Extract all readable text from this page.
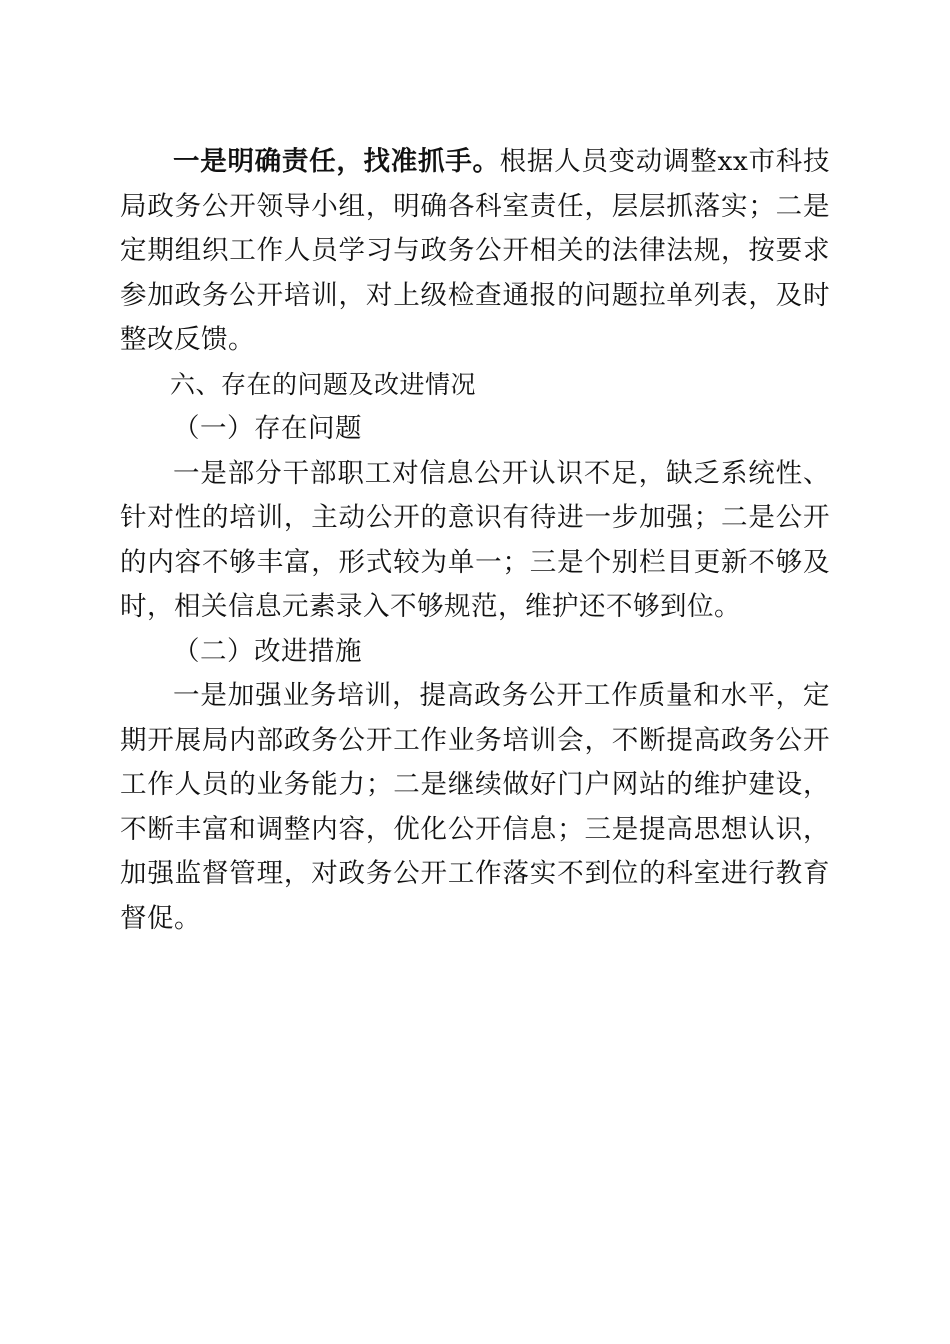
一是明确责任，找准抓手。根据人员变动调整xx市科技局政务公开领导小组，明确各科室责任，层层抓落实；二是定期组织工作人员学习与政务公开相关的法律法规，按要求参加政务公开培训，对上级检查通报的问题拉单列表，及时整改反馈。

六、存在的问题及改进情况

（一）存在问题

一是部分干部职工对信息公开认识不足，缺乏系统性、针对性的培训，主动公开的意识有待进一步加强；二是公开的内容不够丰富，形式较为单一；三是个别栏目更新不够及时，相关信息元素录入不够规范，维护还不够到位。

（二）改进措施

一是加强业务培训，提高政务公开工作质量和水平，定期开展局内部政务公开工作业务培训会，不断提高政务公开工作人员的业务能力；二是继续做好门户网站的维护建设，不断丰富和调整内容，优化公开信息；三是提高思想认识，加强监督管理，对政务公开工作落实不到位的科室进行教育督促。
